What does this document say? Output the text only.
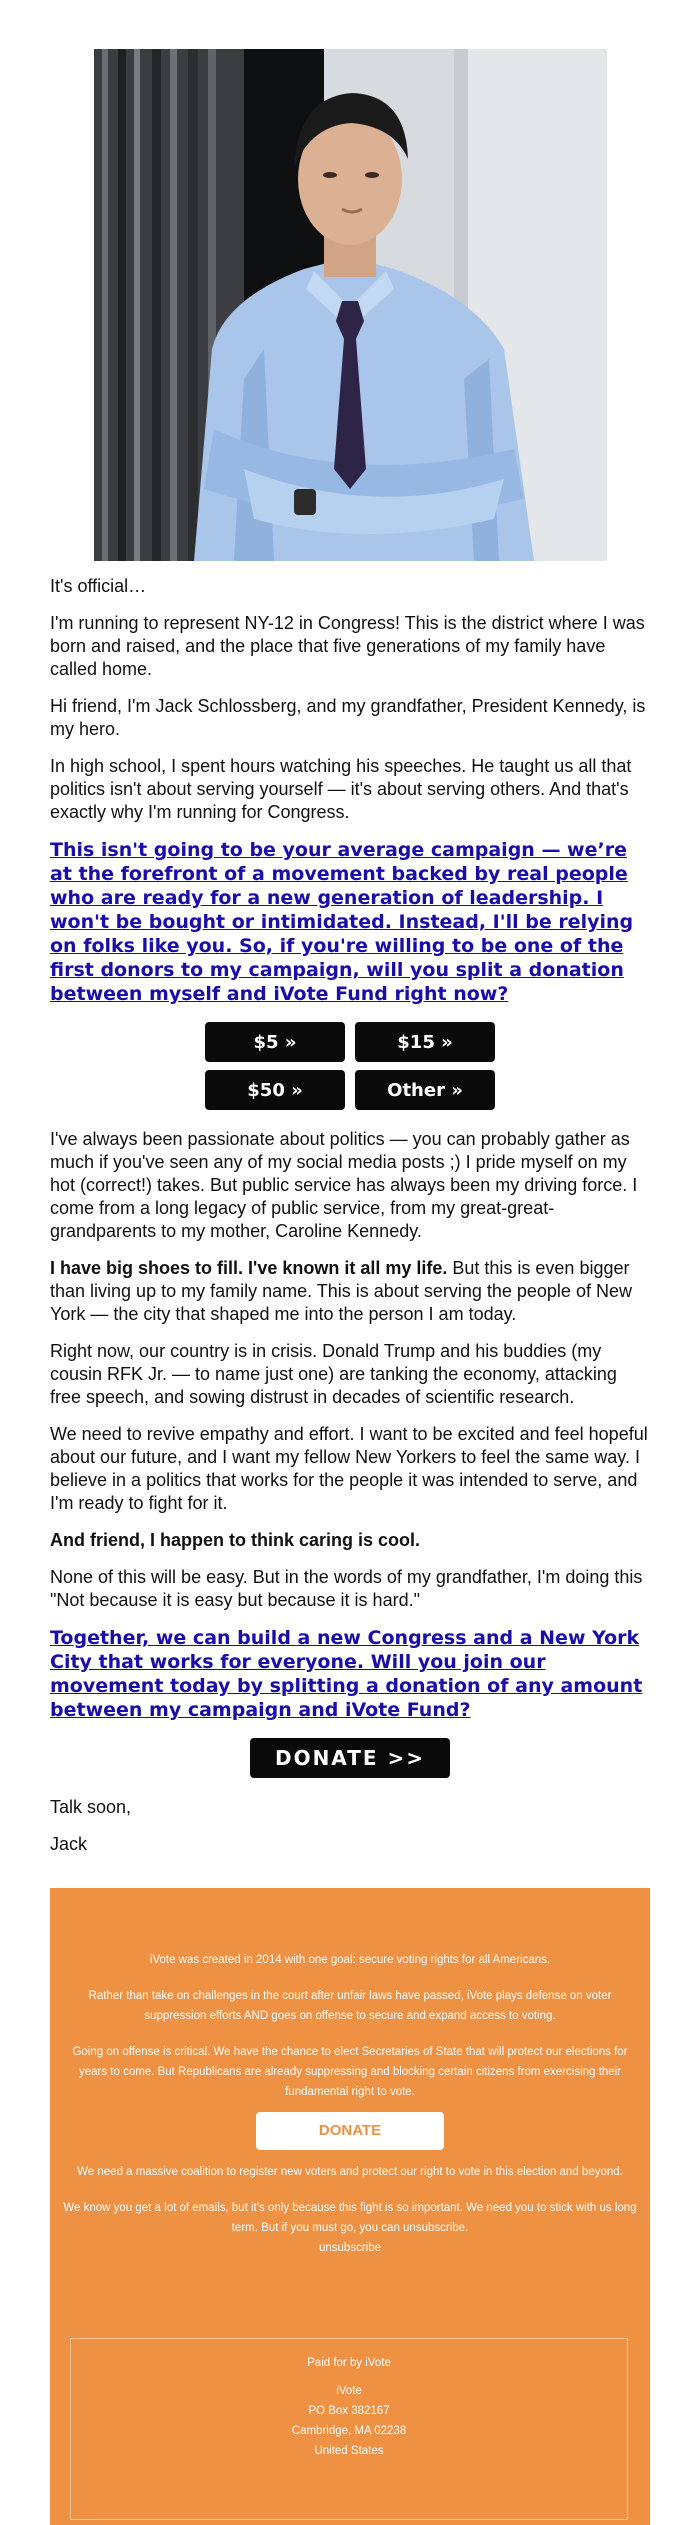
It's official…

I'm running to represent NY-12 in Congress! This is the district where I was born and raised, and the place that five generations of my family have called home.

Hi friend, I'm Jack Schlossberg, and my grandfather, President Kennedy, is my hero.

In high school, I spent hours watching his speeches. He taught us all that politics isn't about serving yourself — it's about serving others. And that's exactly why I'm running for Congress.

This isn't going to be your average campaign — we’re at the forefront of a movement backed by real people who are ready for a new generation of leadership. I won't be bought or intimidated. Instead, I'll be relying on folks like you. So, if you're willing to be one of the first donors to my campaign, will you split a donation between myself and iVote Fund right now?
$5 »	$15 »
$50 »	Other »

I've always been passionate about politics — you can probably gather as much if you've seen any of my social media posts ;) I pride myself on my hot (correct!) takes. But public service has always been my driving force. I come from a long legacy of public service, from my great-great-grandparents to my mother, Caroline Kennedy.

I have big shoes to fill. I've known it all my life. But this is even bigger than living up to my family name. This is about serving the people of New York — the city that shaped me into the person I am today.

Right now, our country is in crisis. Donald Trump and his buddies (my cousin RFK Jr. — to name just one) are tanking the economy, attacking free speech, and sowing distrust in decades of scientific research.

We need to revive empathy and effort. I want to be excited and feel hopeful about our future, and I want my fellow New Yorkers to feel the same way. I believe in a politics that works for the people it was intended to serve, and I'm ready to fight for it.

And friend, I happen to think caring is cool.

None of this will be easy. But in the words of my grandfather, I'm doing this "Not because it is easy but because it is hard."

Together, we can build a new Congress and a New York City that works for everyone. Will you join our movement today by splitting a donation of any amount between my campaign and iVote Fund?
DONATE >>

Talk soon,

Jack

iVote was created in 2014 with one goal: secure voting rights for all Americans.

Rather than take on challenges in the court after unfair laws have passed, iVote plays defense on voter suppression efforts AND goes on offense to secure and expand access to voting.

Going on offense is critical. We have the chance to elect Secretaries of State that will protect our elections for years to come. But Republicans are already suppressing and blocking certain citizens from exercising their fundamental right to vote.

DONATE

We need a massive coalition to register new voters and protect our right to vote in this election and beyond.

We know you get a lot of emails, but it's only because this fight is so important. We need you to stick with us long term. But if you must go, you can unsubscribe.

unsubscribe

Paid for by iVote

iVote

PO Box 382167

Cambridge, MA 02238

United States
